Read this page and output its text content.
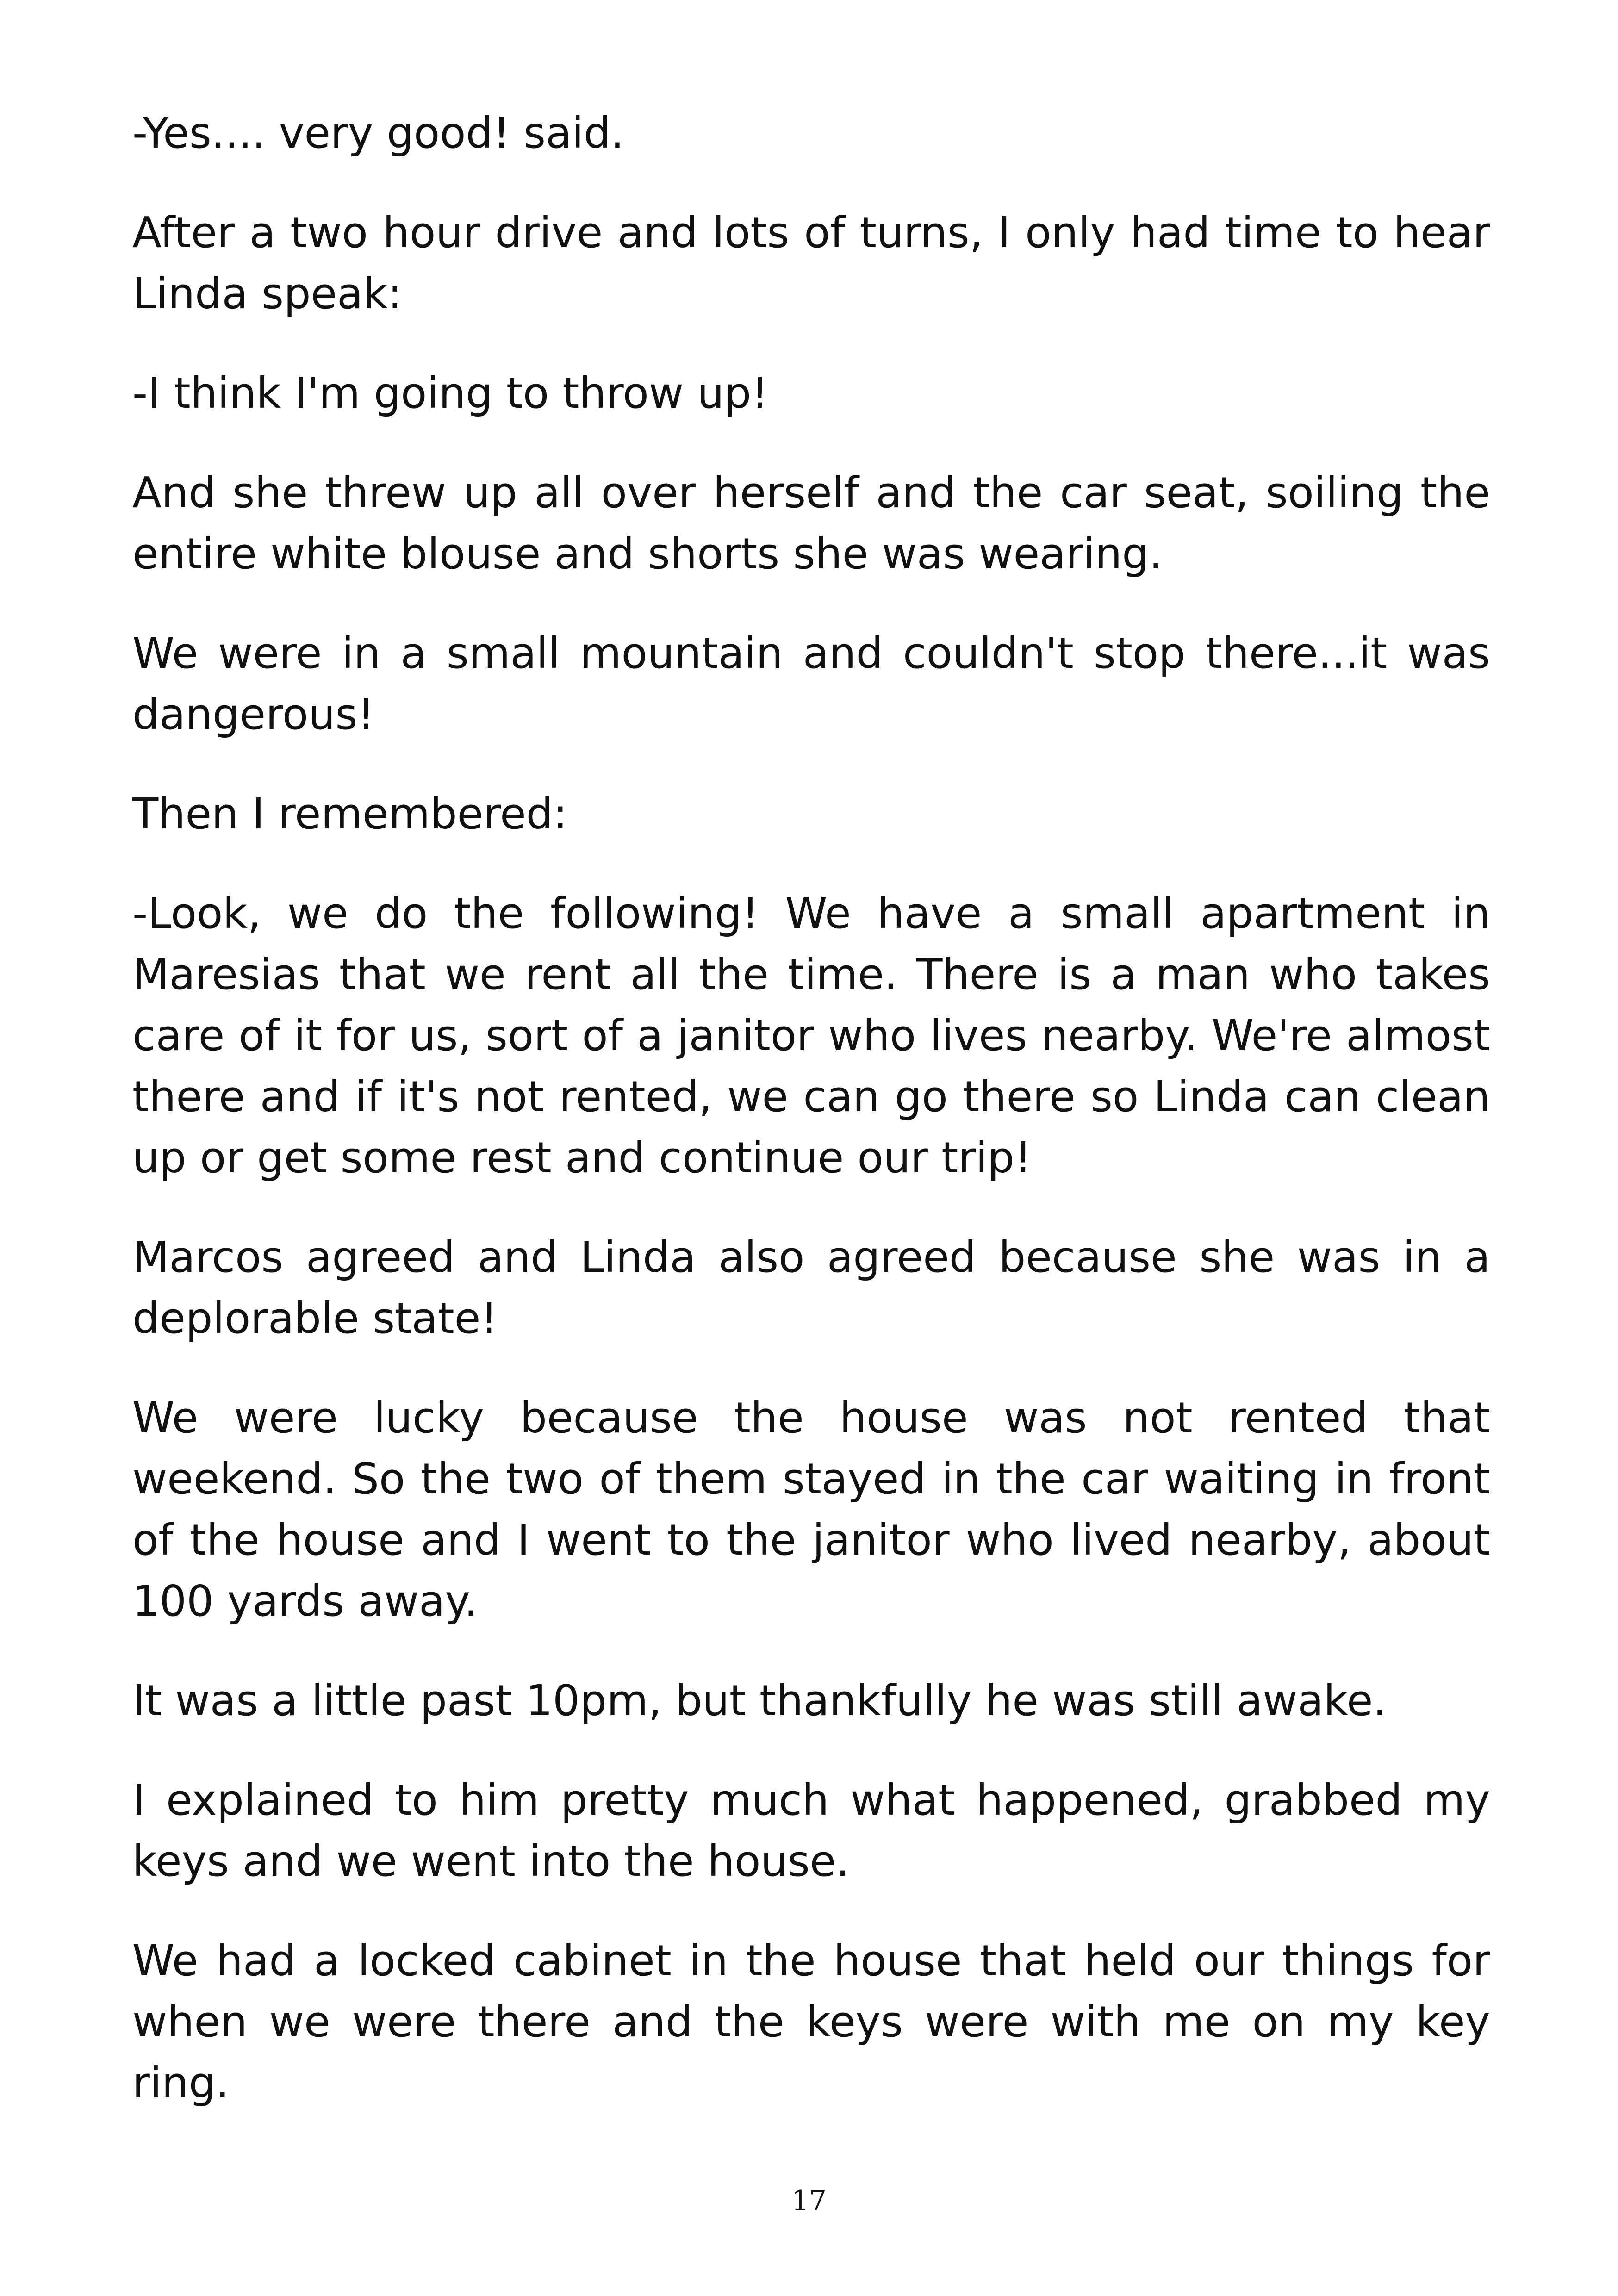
-Yes.... very good! said.

After a two hour drive and lots of turns, I only had time to hear Linda speak:

-I think I'm going to throw up!

And she threw up all over herself and the car seat, soiling the entire white blouse and shorts she was wearing.

We were in a small mountain and couldn't stop there...it was dangerous!

Then I remembered:

-Look, we do the following! We have a small apartment in Maresias that we rent all the time. There is a man who takes care of it for us, sort of a janitor who lives nearby. We're almost there and if it's not rented, we can go there so Linda can clean up or get some rest and continue our trip!

Marcos agreed and Linda also agreed because she was in a deplorable state!

We were lucky because the house was not rented that weekend. So the two of them stayed in the car waiting in front of the house and I went to the janitor who lived nearby, about 100 yards away.

It was a little past 10pm, but thankfully he was still awake.

I explained to him pretty much what happened, grabbed my keys and we went into the house.

We had a locked cabinet in the house that held our things for when we were there and the keys were with me on my key ring.

17
